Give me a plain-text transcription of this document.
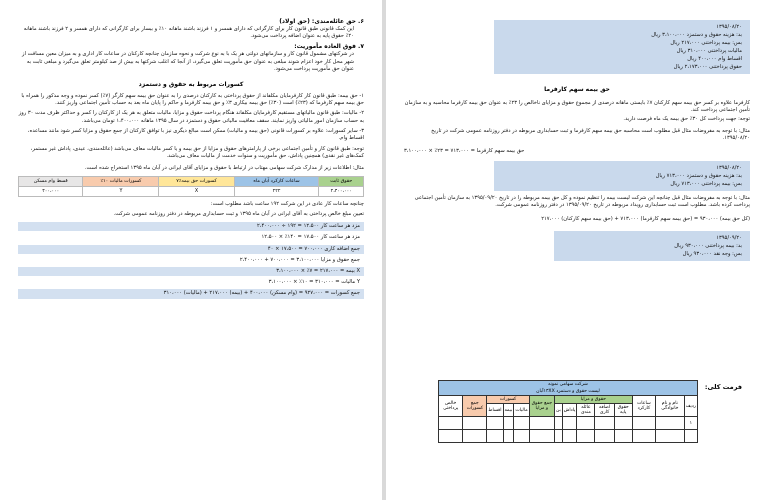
۶. حق عائله‌مندی: (حق اولاد)

این کمک قانونی طبق قانون کار برای کارگرانی که دارای همسر و ۱ فرزند باشند ماهانه ۱۰٪ و بیسار برای کارگرانی که دارای همسر و ۲ فرزند باشند ماهانه ۲۰٪ حقوق پایه به عنوان اضافه پرداخت می‌شود.

۷. فوق العاده مأموریت:

در شرکتهای مشمول قانون کار و سازمانهای دولتی هر یک با به نوع شرکت و نحوه سازمان چنانچه کارکنان در ساعات کار اداری و به میزان معین مسافت از شهر محل کار خود اعزام شوند مبلغی به عنوان حق مأموریت تعلق می‌گیرد، از آنجا که اغلب شرکتها به بیش از صد کیلومتر تعلق می‌گیرد و مبلغی ثابت به عنوان حق مأموریت پرداخت می‌شود.

کسورات مربوط به حقوق و دستمزد

۱- حق بیمه: طبق قانون کار کارفرمایان مکلفاند از حقوق پرداختی به کارکنان درصدی را به عنوان حق بیمه سهم کارگر (۷٪) کسر نموده و وجه مذکور را همراه با حق بیمه سهم کارفرما که (۲۳٪) است (۳۰٪) حق بیمه بیکاری ۳٪ و حق بیمه کارفرما و حاکم را پایان ماه بعد به حساب تأمین اجتماعی واریز کنند.

۲- مالیات: طبق قانون مالیاتهای مستقیم کارفرمایان مکلفاند هنگام پرداخت حقوق و مزایا، مالیات متعلق به هر یک از کارکنان را کسر و حداکثر ظرف مدت ۳۰ روز به حساب سازمان امور مالیاتی واریز نمایند. سقف معافیت مالیاتی حقوق و دستمزد در سال ۱۳۹۵ ماهانه ۱،۴۰۰،۰۰۰ تومان می‌باشد.

۳- سایر کسورات: علاوه بر کسورات قانونی (حق بیمه و مالیات) ممکن است مبالغ دیگری نیز با توافق کارکنان از جمع حقوق و مزایا کسر شود مانند مساعده، اقساط وام.

توجه: طبق قانون کار و تأمین اجتماعی برخی از پارامترهای حقوق و مزایا از حق بیمه و یا کسر مالیات معاف می‌باشد (عائله‌مندی، عیدی، پاداش غیر مستمر، کمک‌های غیر نقدی) همچنین پاداش، حق مأموریت و سنوات خدمت از مالیات معاف می‌باشد.

مثال: اطلاعات زیر از مدارک شرکت سهامی مهتاب در ارتباط با حقوق و مزایای آقای ایرانی در آبان ماه ۱۳۹۵ استخراج شده است.

حقوق ثابت	ساعات کارکرد آبان ماه	کسورات حق بیمه٪۷	کسورات مالیات ۱۰٪	قسط وام مسکن
۲،۴۰۰،۰۰۰	۲۲۲	X	Y	۴۰۰،۰۰۰

چنانچه ساعات کار عادی در این شرکت ۱۹۲ ساعت باشد مطلوب است:

تعیین مبلغ خالص پرداختی به آقای ایرانی در آبان ماه ۱۳۹۵ و ثبت حسابداری مربوطه در دفتر روزنامه عمومی شرکت.

مزد هر ساعت کار ۱۲،۵۰۰ = ۱۹۲ ÷ ۲،۴۰۰،۰۰۰
مزد هر ساعت کار ۱۷،۵۰۰ = ۱۴۰٪ × ۱۲،۵۰۰
جمع اضافه کاری ۷۰۰،۰۰۰ = ۱۷،۵۰۰ × ۴۰
جمع حقوق و مزایا ۳،۱۰۰،۰۰۰ = ۷۰۰،۰۰۰ + ۲،۴۰۰،۰۰۰
X بیمه = ۲۱۷،۰۰۰ = ۷٪ × ۳،۱۰۰،۰۰۰
Y مالیات = ۳۱۰،۰۰۰ = ۱۰٪ × ۳،۱۰۰،۰۰۰
جمع کسورات = ۹۲۷،۰۰۰ = (وام مسکن) ۴۰۰،۰۰۰ + (بیمه) ۲۱۷،۰۰۰ + (مالیات) ۳۱۰،۰۰۰

۱۳۹۵/۰۸/۲۰

بد: هزینه حقوق و دستمزد ۳،۱۰۰،۰۰۰ ریال

بس: بیمه پرداختنی ۲۱۷،۰۰۰ ریال

مالیات پرداختنی ۳۱۰،۰۰۰ ریال

اقساط وام ۴۰۰،۰۰۰ ریال

حقوق پرداختنی ۲،۱۷۳،۰۰۰ ریال

حق بیمه سهم کارفرما

کارفرما علاوه بر کسر حق بیمه سهم کارکنان ۷٪ بایستی ماهانه درصدی از مجموع حقوق و مزایای ناخالص را ۲۳٪ به عنوان حق بیمه کارفرما محاسبه و به سازمان تأمین اجتماعی پرداخت کند.

توجه: جهت پرداخت کل ۳۰٪ حق بیمه یک ماه فرصت دارید.

مثال: با توجه به مفروضات مثال قبل مطلوب است محاسبه حق بیمه سهم کارفرما و ثبت حسابداری مربوطه در دفتر روزنامه عمومی شرکت در تاریخ ۱۳۹۵/۰۸/۲۰.

حق بیمه سهم کارفرما = ۷۱۳،۰۰۰ = ۲۳٪ × ۳،۱۰۰،۰۰۰

۱۳۹۵/۰۸/۲۰

بد: هزینه حقوق و دستمزد ۷۱۳،۰۰۰ ریال

بس: بیمه پرداختنی ۷۱۳،۰۰۰ ریال

مثال: با توجه به مفروضات مثال قبل چنانچه این شرکت لیست بیمه را تنظیم نموده و کل حق بیمه مربوطه را در تاریخ ۱۳۹۵/۰۹/۲۰ به سازمان تأمین اجتماعی پرداخت کرده باشد. مطلوب است ثبت حسابداری رویداد مربوطه در تاریخ ۱۳۹۵/۰۹/۲۰ در دفتر روزنامه عمومی شرکت.

(کل حق بیمه) ۹۳۰،۰۰۰ = (حق بیمه سهم کارفرما) ۷۱۳،۰۰۰ + (حق بیمه سهم کارکنان) ۲۱۷،۰۰۰

۱۳۹۵/۰۹/۲۰

بد: بیمه پرداختنی ۹۳۰،۰۰۰ ریال

بس: وجه نقد ۹۳۰،۰۰۰ ریال

فرمت کلی:
شرکت سهامی نمونه													
لیست حقوق و دستمزد ۱۳XXآبان													
ردیف	نام و نام خانوادگی	ساعات کارکرد	حقوق و مزایا					جمع حقوق و مزایا	کسورات			جمع کسورات	خالص پرداختی
			حقوق پایه	اضافه کاری	عائله مندی	پاداش	بن		مالیات	بیمه	اقساط		
۱													
